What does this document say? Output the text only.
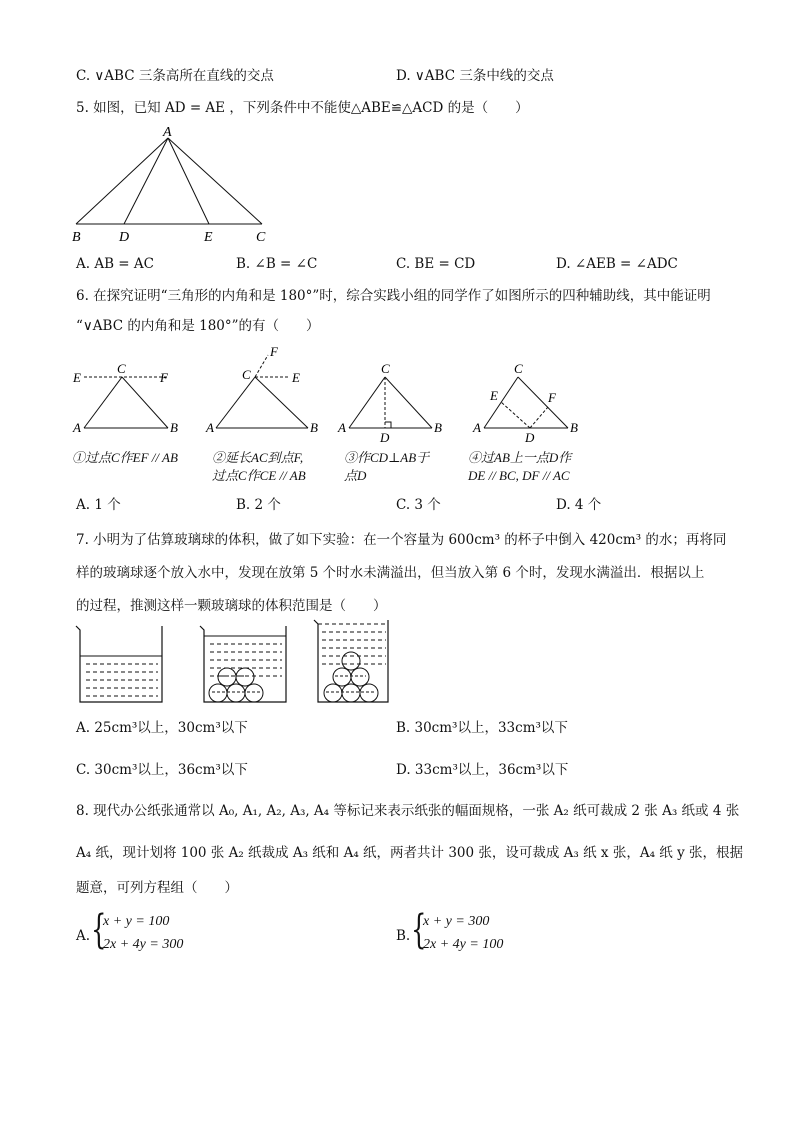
C. ∨ABC 三条高所在直线的交点	D. ∨ABC 三条中线的交点
5. 如图，已知 AD = AE ，下列条件中不能使△ABE≌△ACD 的是（　　）
A
B	D	E	C
A. AB = AC	B. ∠B = ∠C	C. BE = CD	D. ∠AEB = ∠ADC
6. 在探究证明“三角形的内角和是 180°”时，综合实践小组的同学作了如图所示的四种辅助线，其中能证明
“∨ABC 的内角和是 180°”的有（　　）
E
C
F
A	B
①过点C作EF // AB
F
C	E
A	B
②延长AC到点F,
过点C作CE // AB
C
A
D
B
③作CD⊥AB于
点D
C
E	F
A
D
B
④过AB上一点D作
DE // BC, DF // AC
A. 1 个	B. 2 个	C. 3 个	D. 4 个
7. 小明为了估算玻璃球的体积，做了如下实验：在一个容量为 600cm³ 的杯子中倒入 420cm³ 的水；再将同
样的玻璃球逐个放入水中，发现在放第 5 个时水未满溢出，但当放入第 6 个时，发现水满溢出．根据以上
的过程，推测这样一颗玻璃球的体积范围是（　　）
A. 25cm³以上，30cm³以下	B. 30cm³以上，33cm³以下
C. 30cm³以上，36cm³以下	D. 33cm³以上，36cm³以下
8. 现代办公纸张通常以 A₀, A₁, A₂, A₃, A₄ 等标记来表示纸张的幅面规格，一张 A₂ 纸可裁成 2 张 A₃ 纸或 4 张
A₄ 纸，现计划将 100 张 A₂ 纸裁成 A₃ 纸和 A₄ 纸，两者共计 300 张，设可裁成 A₃ 纸 x 张，A₄ 纸 y 张，根据
题意，可列方程组（　　）
A. {
x + y = 100
2x + 4y = 300
B. {
x + y = 300
2x + 4y = 100
